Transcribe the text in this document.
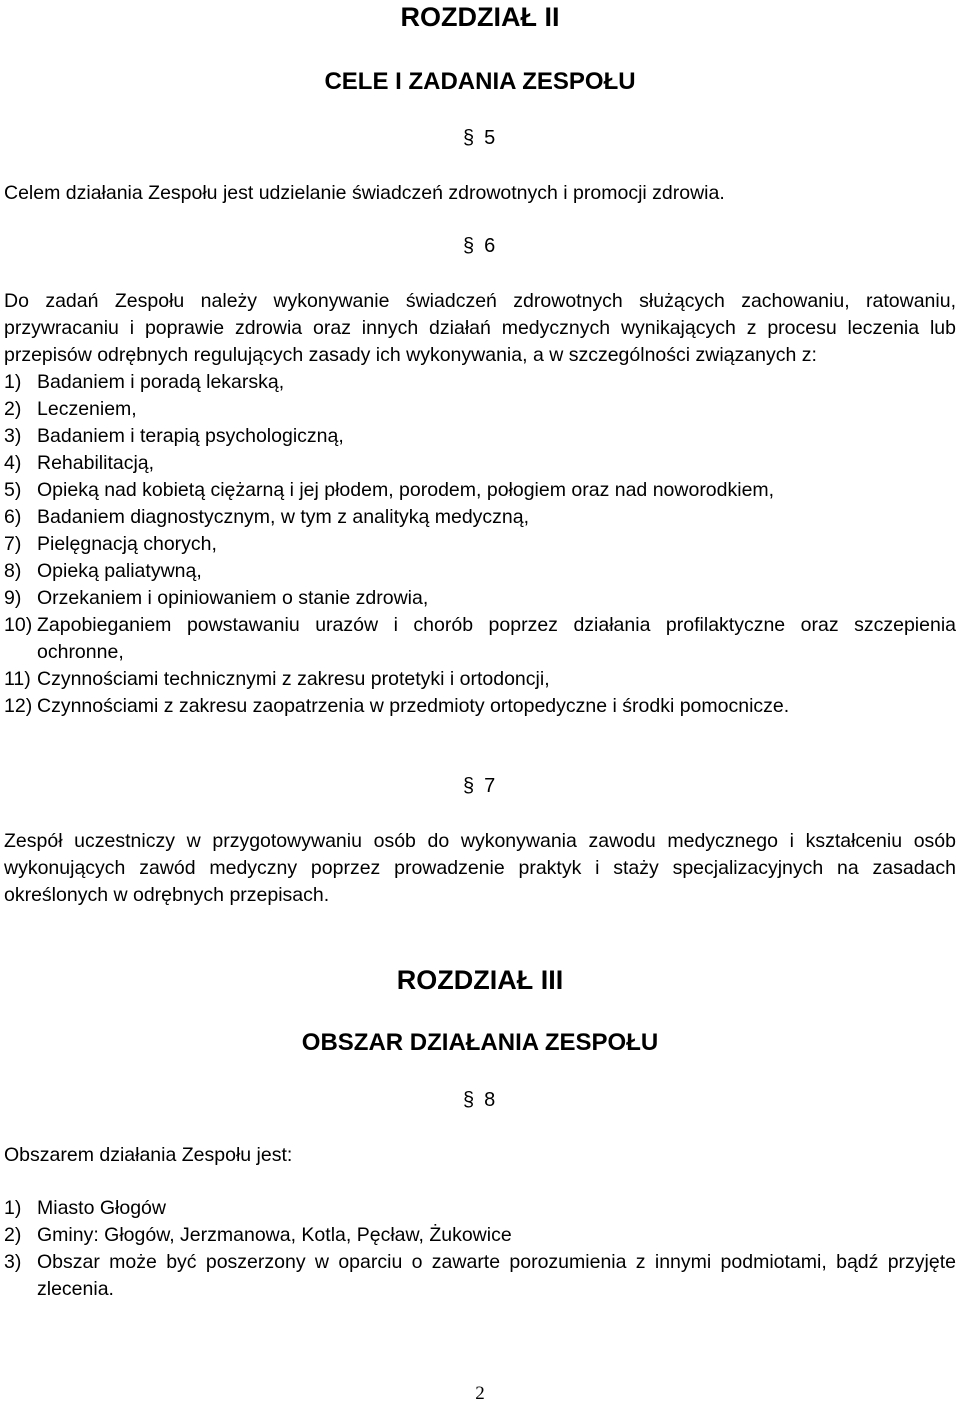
ROZDZIAŁ II
CELE I ZADANIA ZESPOŁU
§ 5
Celem działania Zespołu jest udzielanie świadczeń zdrowotnych i promocji zdrowia.
§ 6
Do zadań Zespołu należy wykonywanie świadczeń zdrowotnych służących zachowaniu, ratowaniu, przywracaniu i poprawie zdrowia oraz innych działań medycznych wynikających z procesu leczenia lub przepisów odrębnych regulujących zasady ich wykonywania, a w szczególności związanych z:
1) Badaniem i poradą lekarską,
2) Leczeniem,
3) Badaniem i terapią psychologiczną,
4) Rehabilitacją,
5) Opieką nad kobietą ciężarną i jej płodem, porodem, połogiem oraz nad noworodkiem,
6) Badaniem diagnostycznym, w tym z analityką medyczną,
7) Pielęgnacją chorych,
8) Opieką paliatywną,
9) Orzekaniem i opiniowaniem o stanie zdrowia,
10) Zapobieganiem powstawaniu urazów i chorób poprzez działania profilaktyczne oraz szczepienia ochronne,
11) Czynnościami technicznymi z zakresu protetyki i ortodoncji,
12) Czynnościami z zakresu zaopatrzenia w przedmioty ortopedyczne i środki pomocnicze.
§ 7
Zespół uczestniczy w przygotowywaniu osób do wykonywania zawodu medycznego i kształceniu osób wykonujących zawód medyczny poprzez prowadzenie praktyk i staży specjalizacyjnych na zasadach określonych w odrębnych przepisach.
ROZDZIAŁ III
OBSZAR DZIAŁANIA ZESPOŁU
§ 8
Obszarem działania Zespołu jest:
1) Miasto Głogów
2) Gminy: Głogów, Jerzmanowa, Kotla, Pęcław, Żukowice
3) Obszar może być poszerzony w oparciu o zawarte porozumienia z innymi podmiotami, bądź przyjęte zlecenia.
2
